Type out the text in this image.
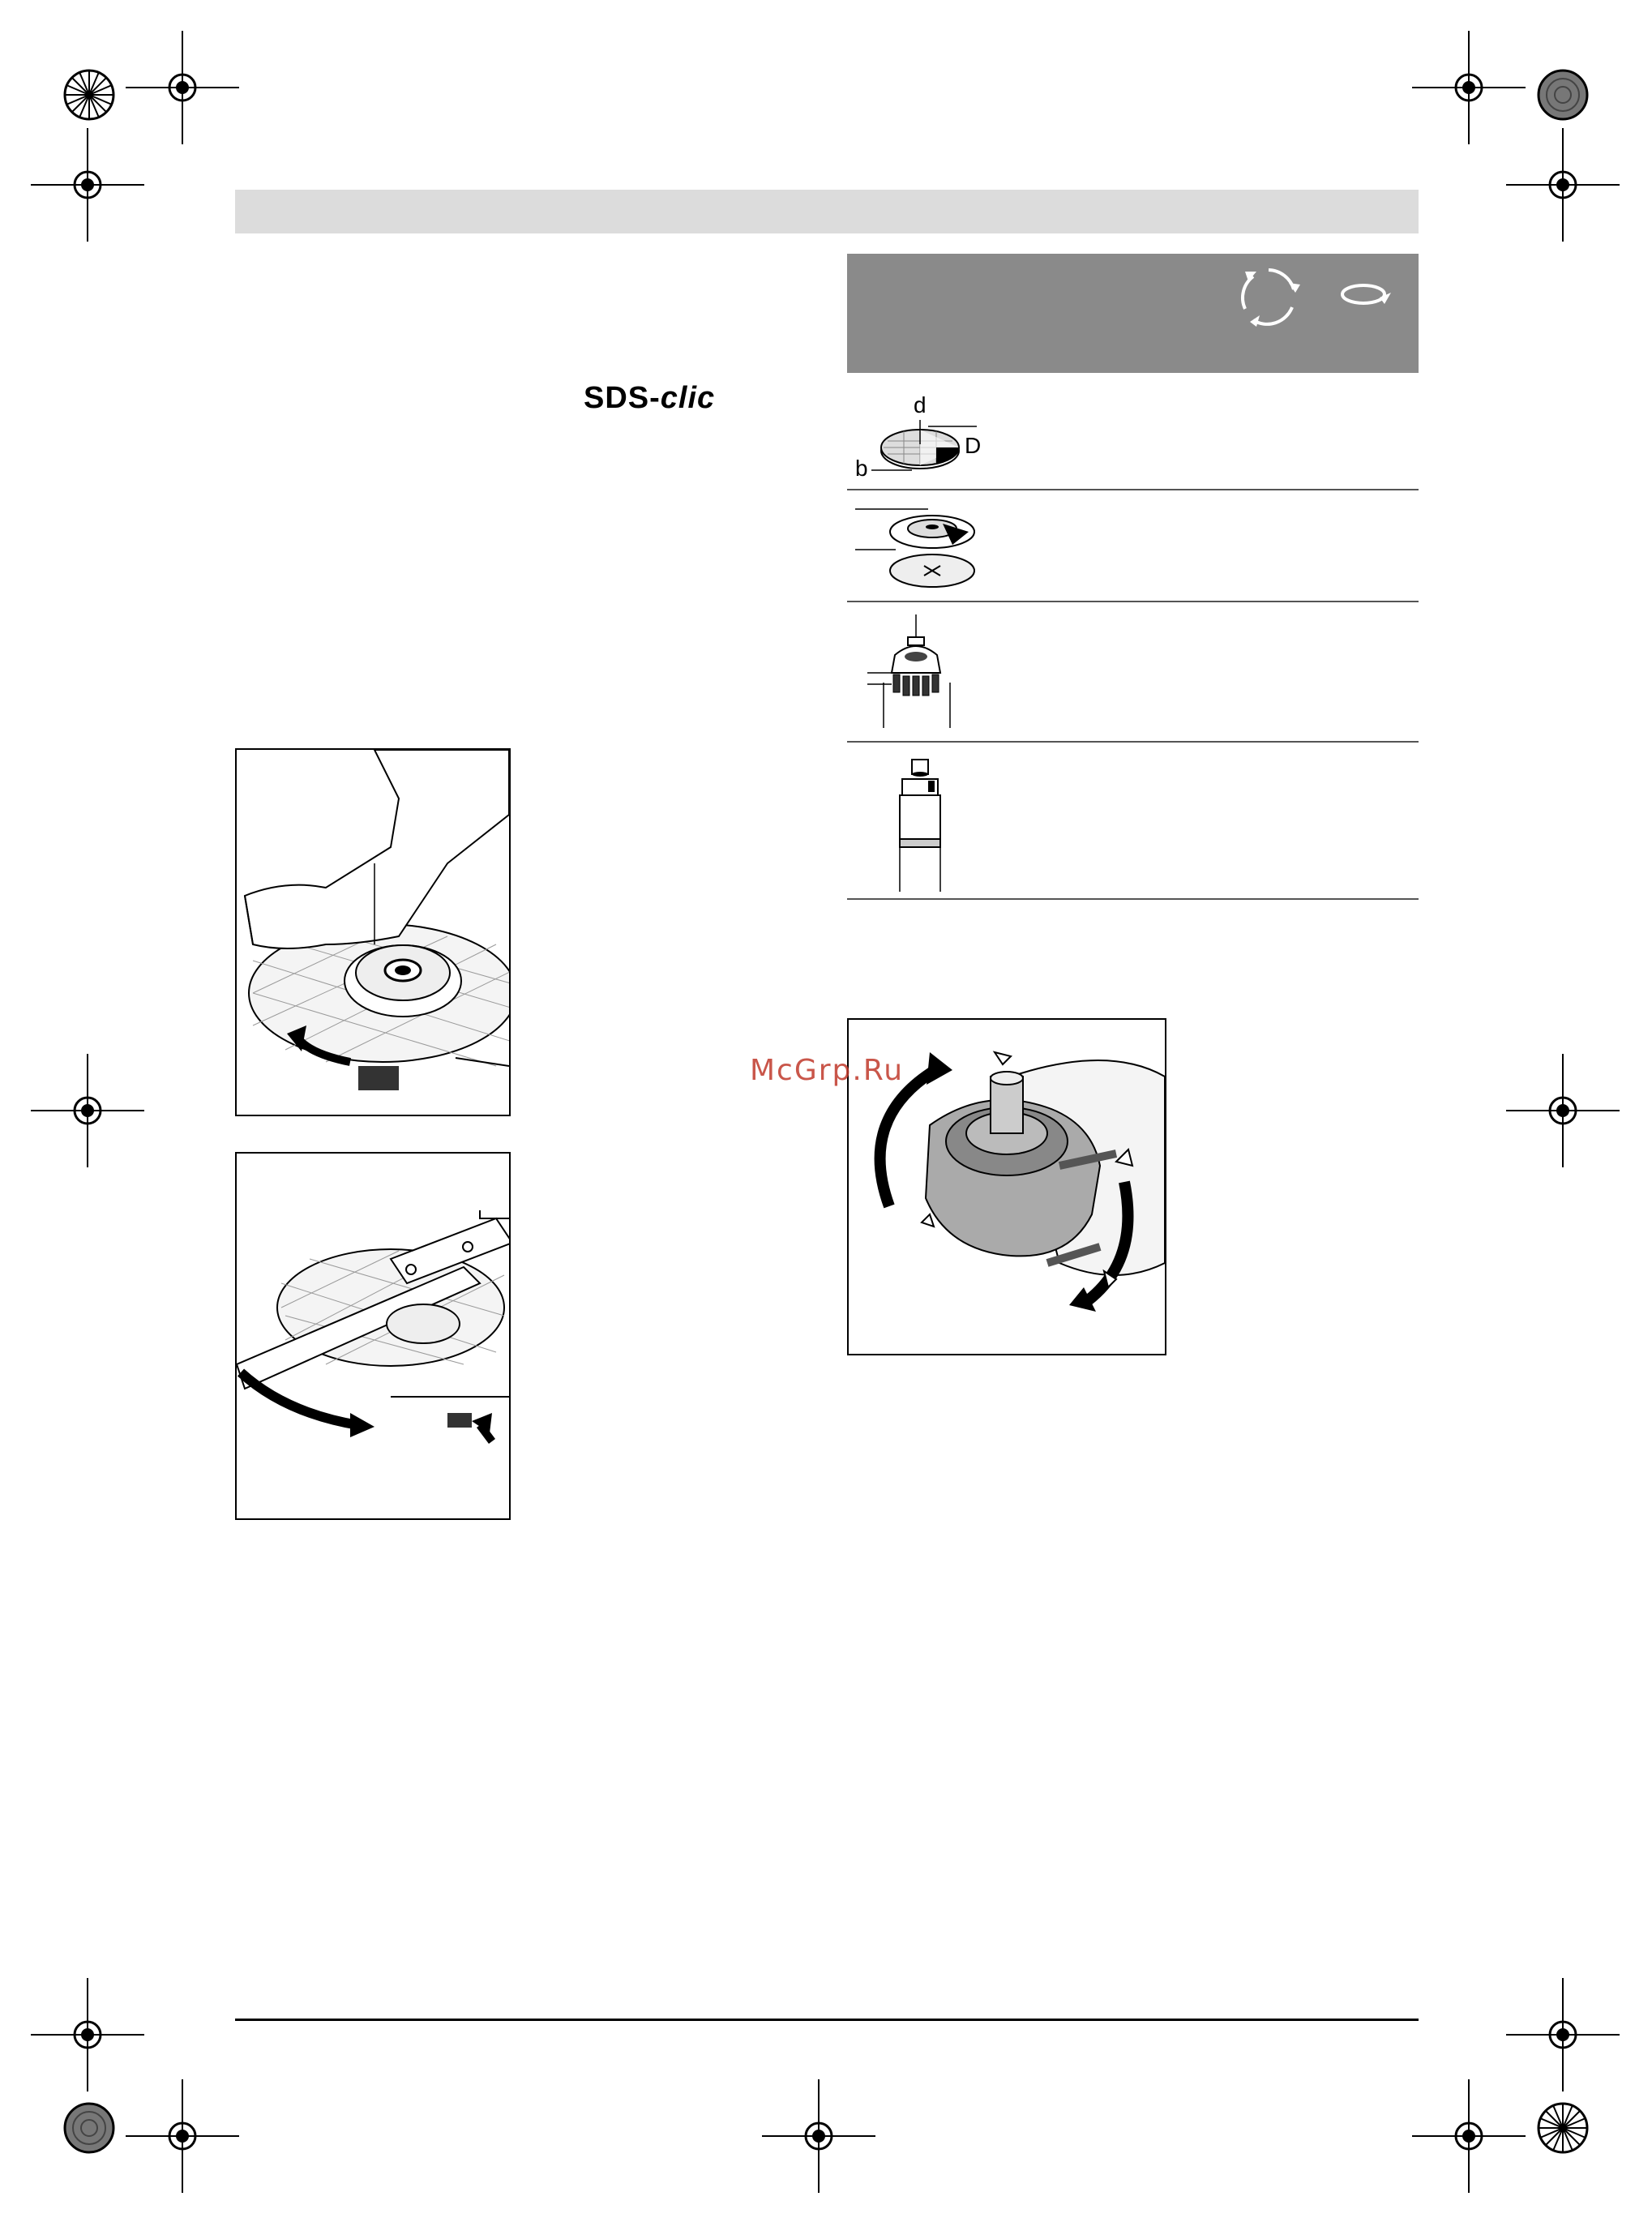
SDS-clic	d
D
b
McGrp.Ru
